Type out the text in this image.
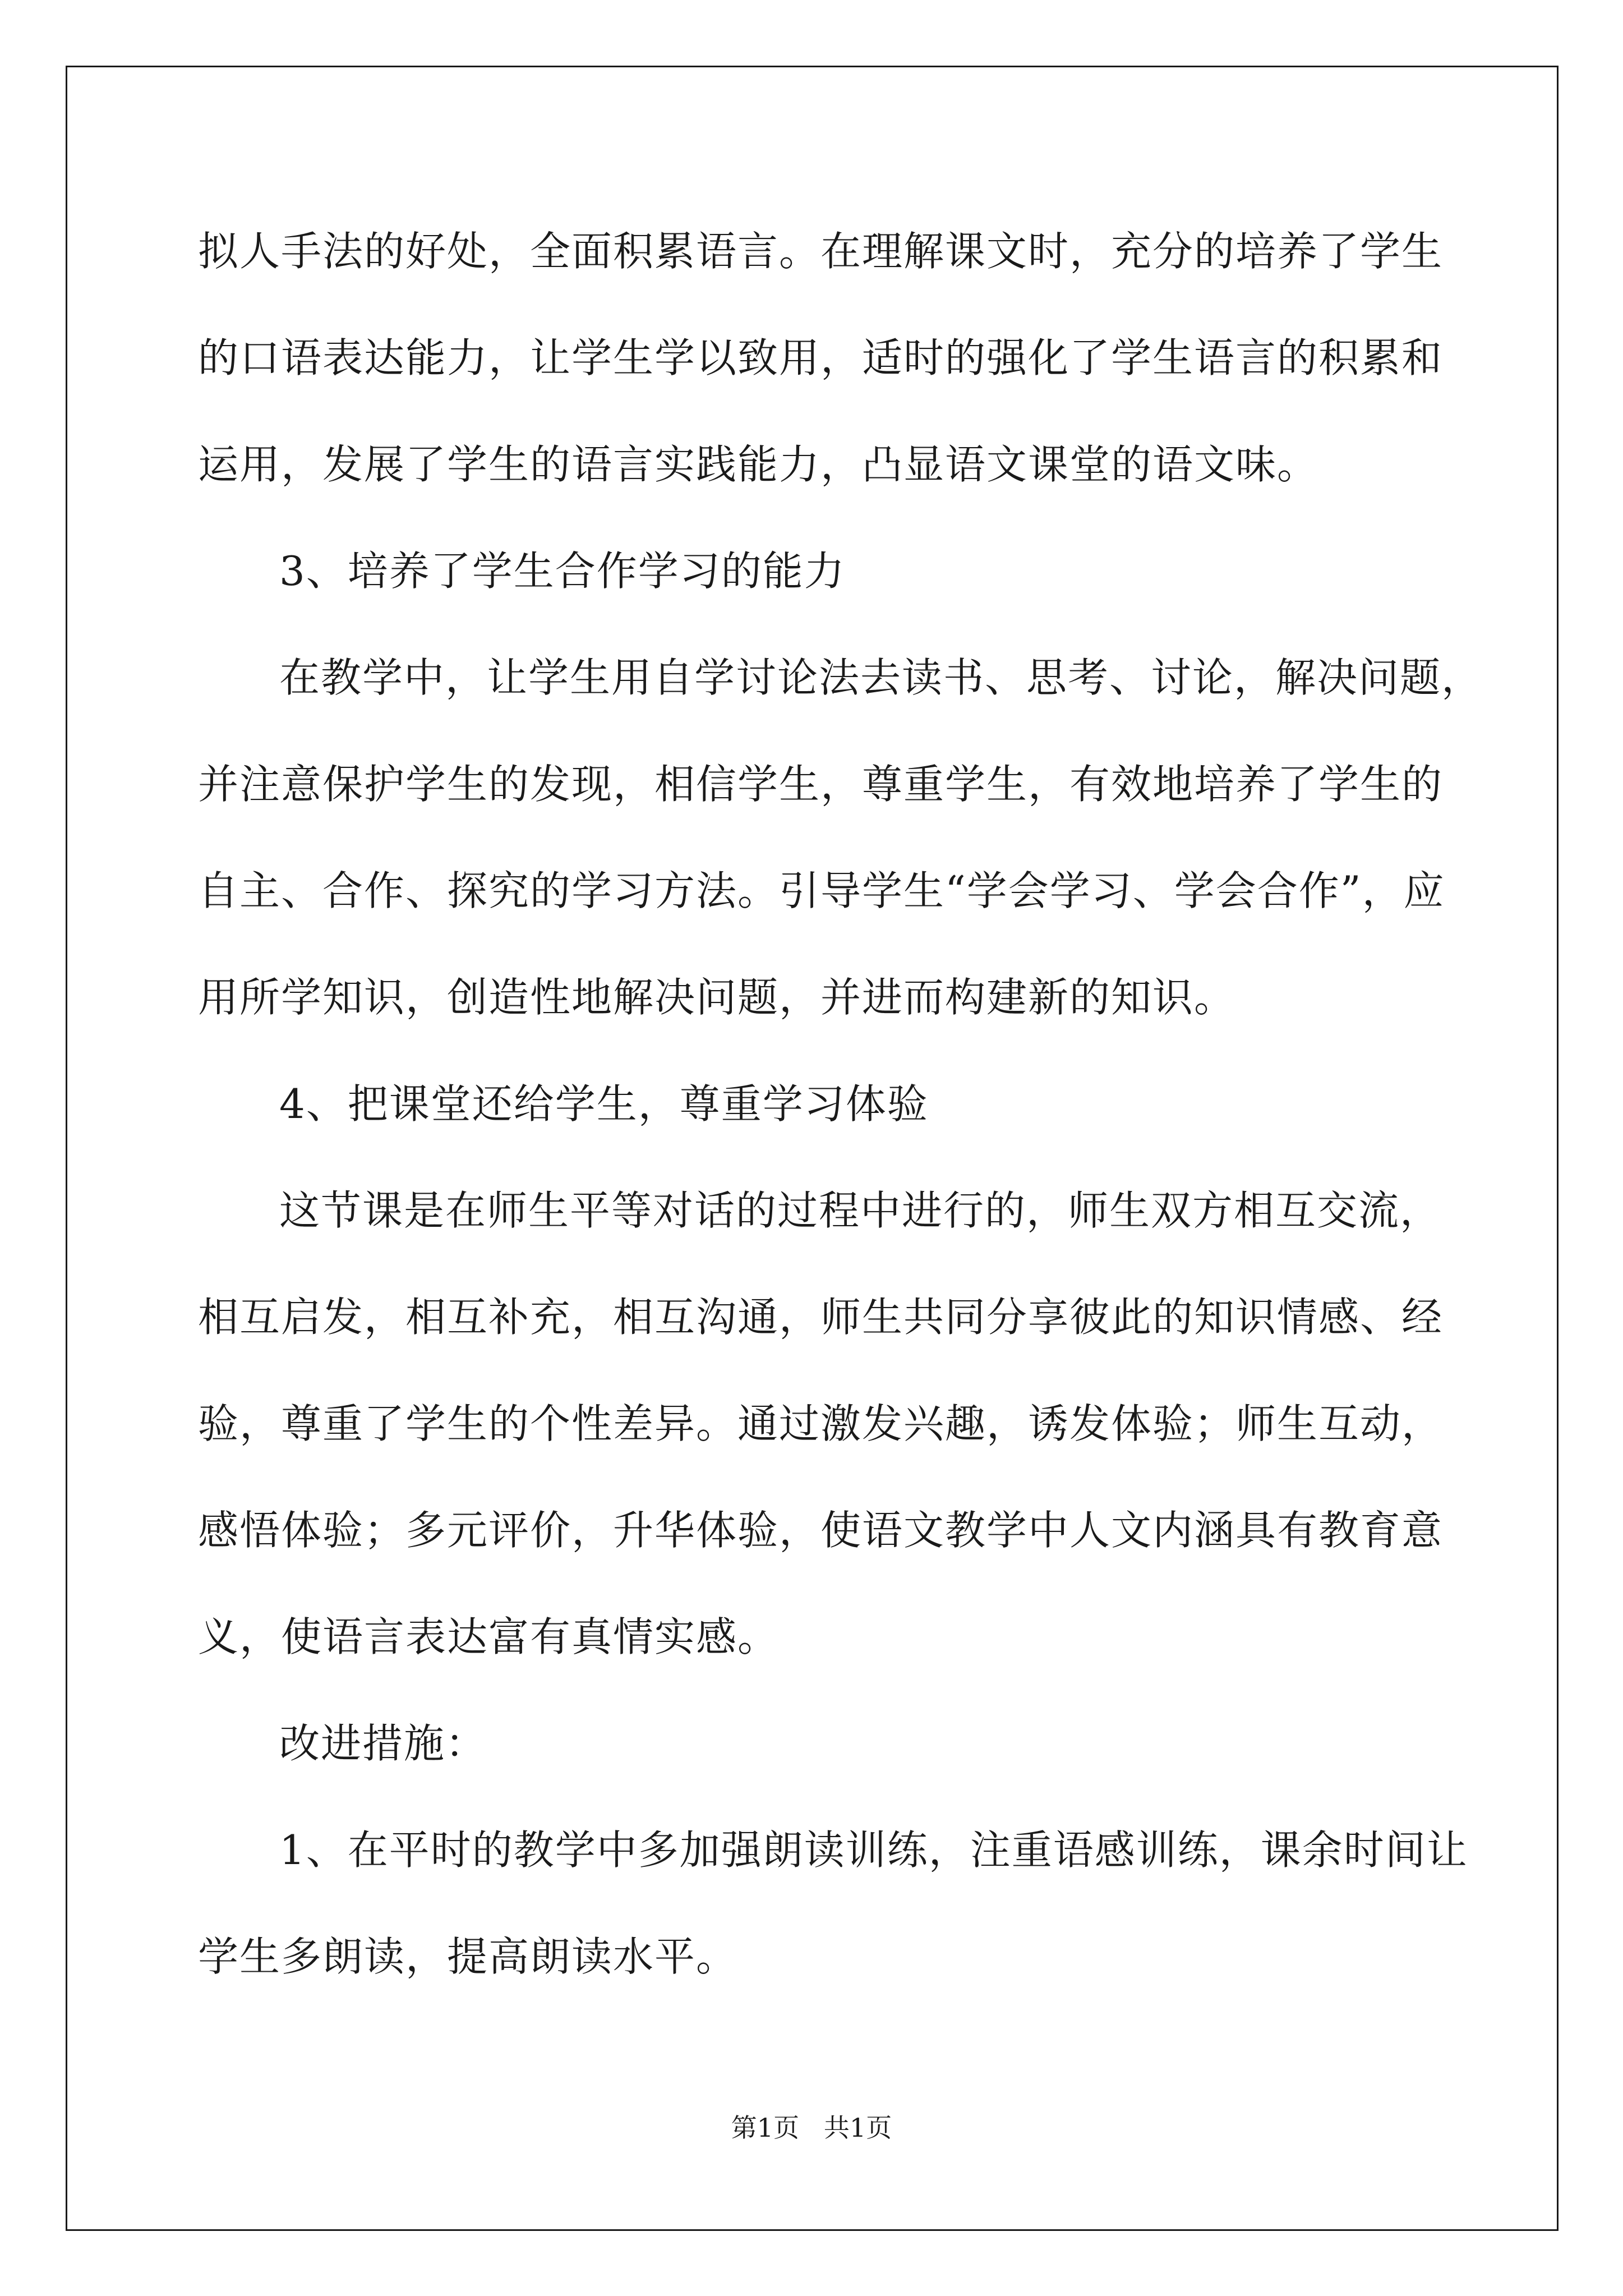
拟人手法的好处，全面积累语言。在理解课文时，充分的培养了学生
的口语表达能力，让学生学以致用，适时的强化了学生语言的积累和
运用，发展了学生的语言实践能力，凸显语文课堂的语文味。
3、培养了学生合作学习的能力
在教学中，让学生用自学讨论法去读书、思考、讨论，解决问题，
并注意保护学生的发现，相信学生，尊重学生，有效地培养了学生的
自主、合作、探究的学习方法。引导学生“学会学习、学会合作”，应
用所学知识，创造性地解决问题，并进而构建新的知识。
4、把课堂还给学生，尊重学习体验
这节课是在师生平等对话的过程中进行的，师生双方相互交流，
相互启发，相互补充，相互沟通，师生共同分享彼此的知识情感、经
验，尊重了学生的个性差异。通过激发兴趣，诱发体验；师生互动，
感悟体验；多元评价，升华体验，使语文教学中人文内涵具有教育意
义，使语言表达富有真情实感。
改进措施：
1、在平时的教学中多加强朗读训练，注重语感训练，课余时间让
学生多朗读，提高朗读水平。
第1页   共1页
